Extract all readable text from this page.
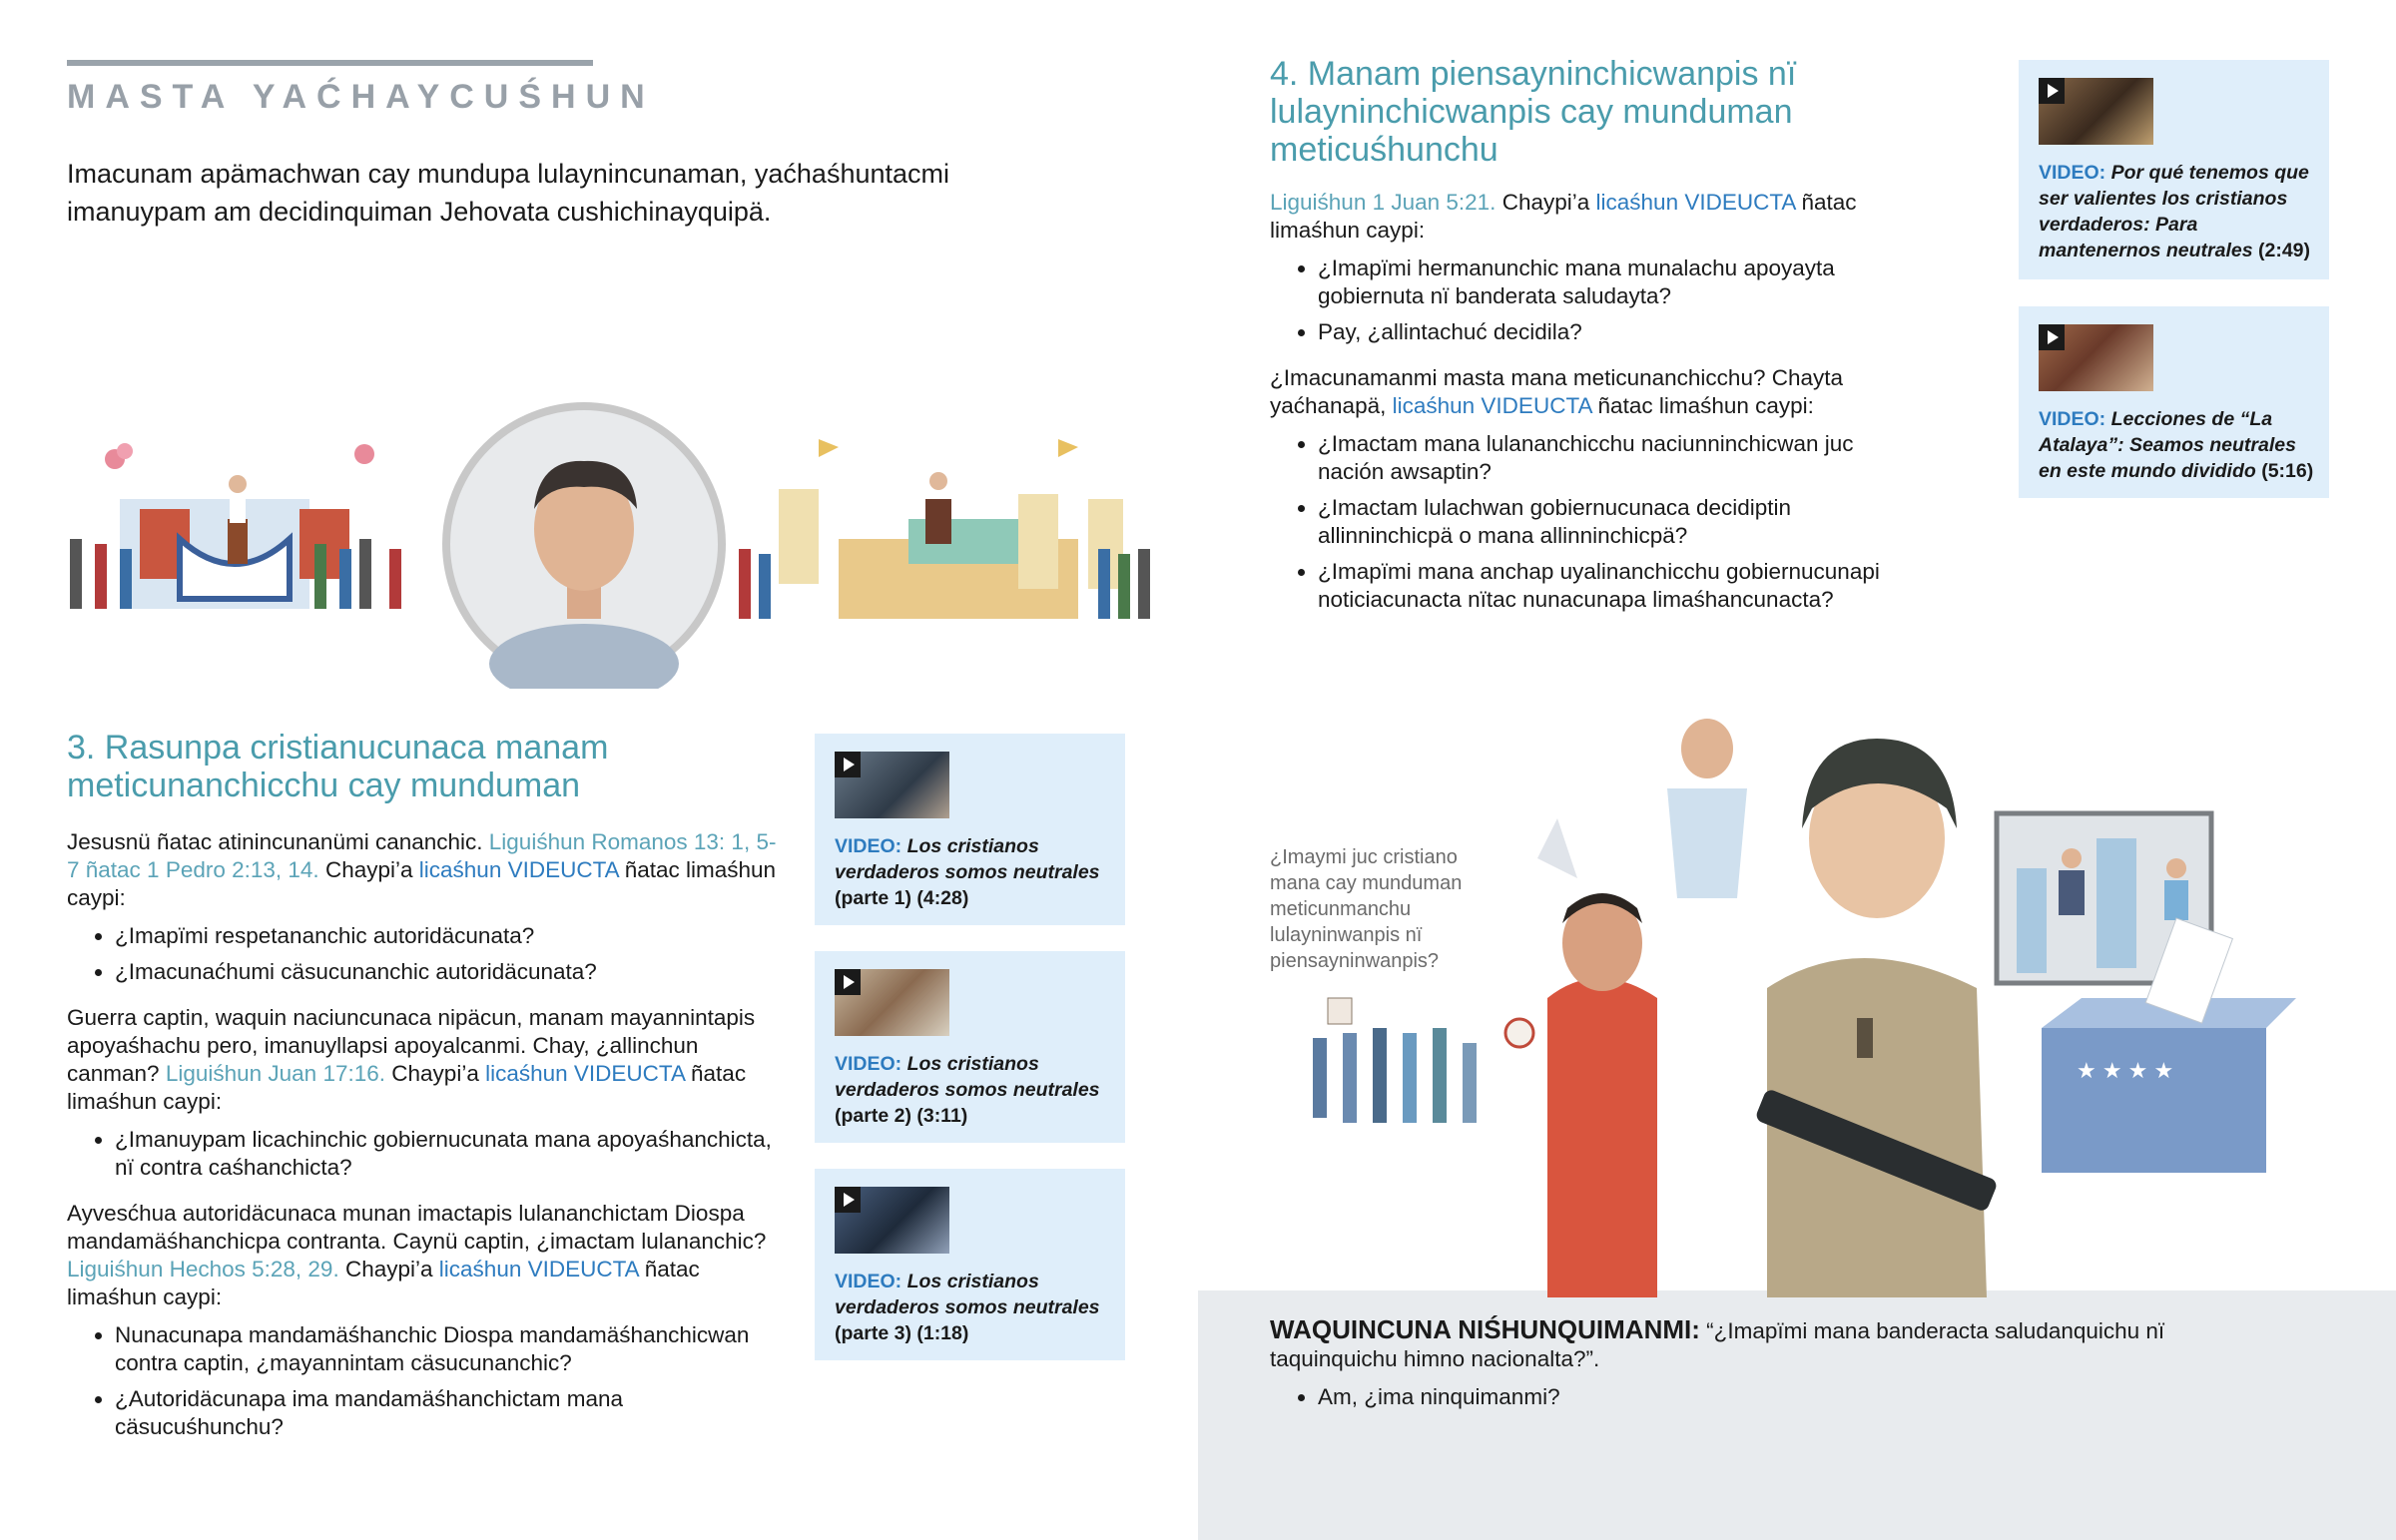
MASTA YAĆHAYCUŚHUN
Imacunam apämachwan cay mundupa lulaynincunaman, yaćhaśhuntacmi imanuypam am decidinquiman Jehovata cushichinayquipä.
3. Rasunpa cristianucunaca manam meticunanchicchu cay munduman

Jesusnü ñatac atinincunanümi cananchic. Liguiśhun Romanos 13: 1, 5-7 ñatac 1 Pedro 2:13, 14. Chaypi’a licaśhun VIDEUCTA ñatac limaśhun caypi:

• ¿Imapïmi respetananchic autoridäcunata?
• ¿Imacunaćhumi cäsucunanchic autoridäcunata?

Guerra captin, waquin naciuncunaca nipäcun, manam mayannintapis apoyaśhachu pero, imanuyllapsi apoyalcanmi. Chay, ¿allinchun canman? Liguiśhun Juan 17:16. Chaypi’a licaśhun VIDEUCTA ñatac limaśhun caypi:

• ¿Imanuypam licachinchic gobiernucunata mana apoyaśhanchicta, nï contra caśhanchicta?

Ayvesćhua autoridäcunaca munan imactapis lulananchictam Diospa mandamäśhanchicpa contranta. Caynü captin, ¿imactam lulananchic? Liguiśhun Hechos 5:28, 29. Chaypi’a licaśhun VIDEUCTA ñatac limaśhun caypi:

• Nunacunapa mandamäśhanchic Diospa mandamäśhanchicwan contra captin, ¿mayannintam cäsucunanchic?
• ¿Autoridäcunapa ima mandamäśhanchictam mana cäsucuśhunchu?
VIDEO: Los cristianos verdaderos somos neutrales (parte 1) (4:28)
VIDEO: Los cristianos verdaderos somos neutrales (parte 2) (3:11)
VIDEO: Los cristianos verdaderos somos neutrales (parte 3) (1:18)
4. Manam piensayninchicwanpis nï lulayninchicwanpis cay munduman meticuśhunchu

Liguiśhun 1 Juan 5:21. Chaypi’a licaśhun VIDEUCTA ñatac limaśhun caypi:

• ¿Imapïmi hermanunchic mana munalachu apoyayta gobiernuta nï banderata saludayta?
• Pay, ¿allintachuć decidila?

¿Imacunamanmi masta mana meticunanchicchu? Chayta yaćhanapä, licaśhun VIDEUCTA ñatac limaśhun caypi:

• ¿Imactam mana lulananchicchu naciunninchicwan juc nación awsaptin?
• ¿Imactam lulachwan gobiernucunaca decidiptin allinninchicpä o mana allinninchicpä?
• ¿Imapïmi mana anchap uyalinanchicchu gobiernucunapi noticiacunacta nïtac nunacunapa limaśhancunacta?
VIDEO: Por qué tenemos que ser valientes los cristianos verdaderos: Para mantenernos neutrales (2:49)
VIDEO: Lecciones de “La Atalaya”: Seamos neutrales en este mundo dividido (5:16)
★ ★ ★ ★
¿Imaymi juc cristiano mana cay munduman meticunmanchu lulayninwanpis nï piensayninwanpis?
WAQUINCUNA NIŚHUNQUIMANMI: “¿Imapïmi mana banderacta saludanquichu nï taquinquichu himno nacionalta?”.
• Am, ¿ima ninquimanmi?
